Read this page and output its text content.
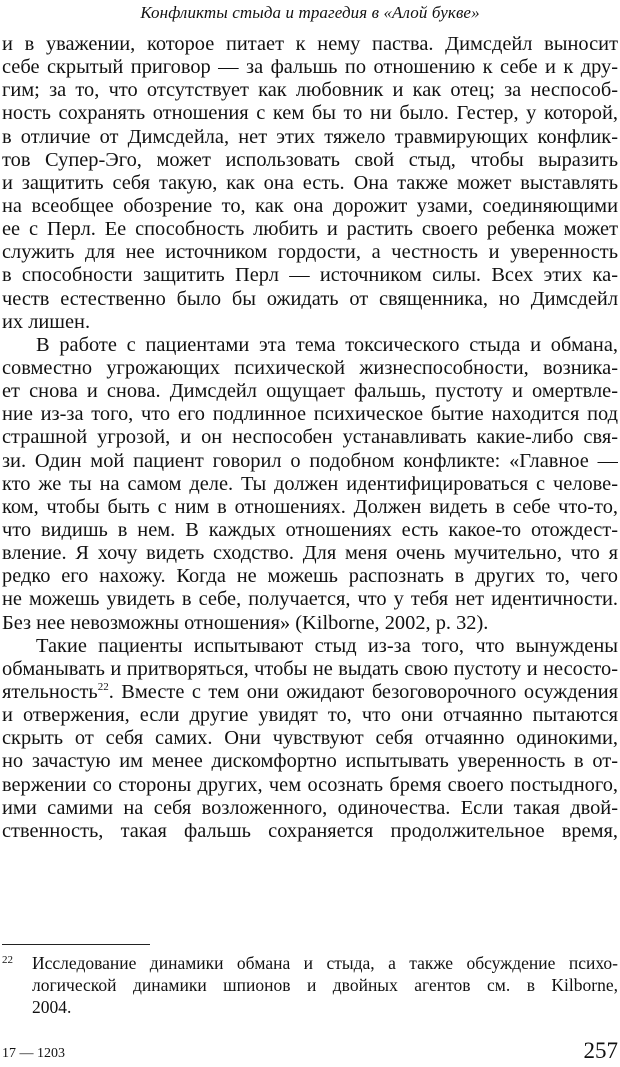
Конфликты стыда и трагедия в «Алой букве»
и в уважении, которое питает к нему паства. Димсдейл выносит
себе скрытый приговор — за фальшь по отношению к себе и к дру-
гим; за то, что отсутствует как любовник и как отец; за неспособ-
ность сохранять отношения с кем бы то ни было. Гестер, у которой,
в отличие от Димсдейла, нет этих тяжело травмирующих конфлик-
тов Супер-Эго, может использовать свой стыд, чтобы выразить
и защитить себя такую, как она есть. Она также может выставлять
на всеобщее обозрение то, как она дорожит узами, соединяющими
ее с Перл. Ее способность любить и растить своего ребенка может
служить для нее источником гордости, а честность и уверенность
в способности защитить Перл — источником силы. Всех этих ка-
честв естественно было бы ожидать от священника, но Димсдейл
их лишен.
В работе с пациентами эта тема токсического стыда и обмана,
совместно угрожающих психической жизнеспособности, возника-
ет снова и снова. Димсдейл ощущает фальшь, пустоту и омертвле-
ние из-за того, что его подлинное психическое бытие находится под
страшной угрозой, и он неспособен устанавливать какие-либо свя-
зи. Один мой пациент говорил о подобном конфликте: «Главное —
кто же ты на самом деле. Ты должен идентифицироваться с челове-
ком, чтобы быть с ним в отношениях. Должен видеть в себе что-то,
что видишь в нем. В каждых отношениях есть какое-то отождест-
вление. Я хочу видеть сходство. Для меня очень мучительно, что я
редко его нахожу. Когда не можешь распознать в других то, чего
не можешь увидеть в себе, получается, что у тебя нет идентичности.
Без нее невозможны отношения» (Kilborne, 2002, p. 32).
Такие пациенты испытывают стыд из-за того, что вынуждены
обманывать и притворяться, чтобы не выдать свою пустоту и несосто-
ятельность$^{22}$. Вместе с тем они ожидают безоговорочного осуждения
и отвержения, если другие увидят то, что они отчаянно пытаются
скрыть от себя самих. Они чувствуют себя отчаянно одинокими,
но зачастую им менее дискомфортно испытывать уверенность в от-
вержении со стороны других, чем осознать бремя своего постыдного,
ими самими на себя возложенного, одиночества. Если такая двой-
ственность, такая фальшь сохраняется продолжительное время,
22 Исследование динамики обмана и стыда, а также обсуждение психо-
логической динамики шпионов и двойных агентов см. в Kilborne,
2004.
17 — 1203	257
